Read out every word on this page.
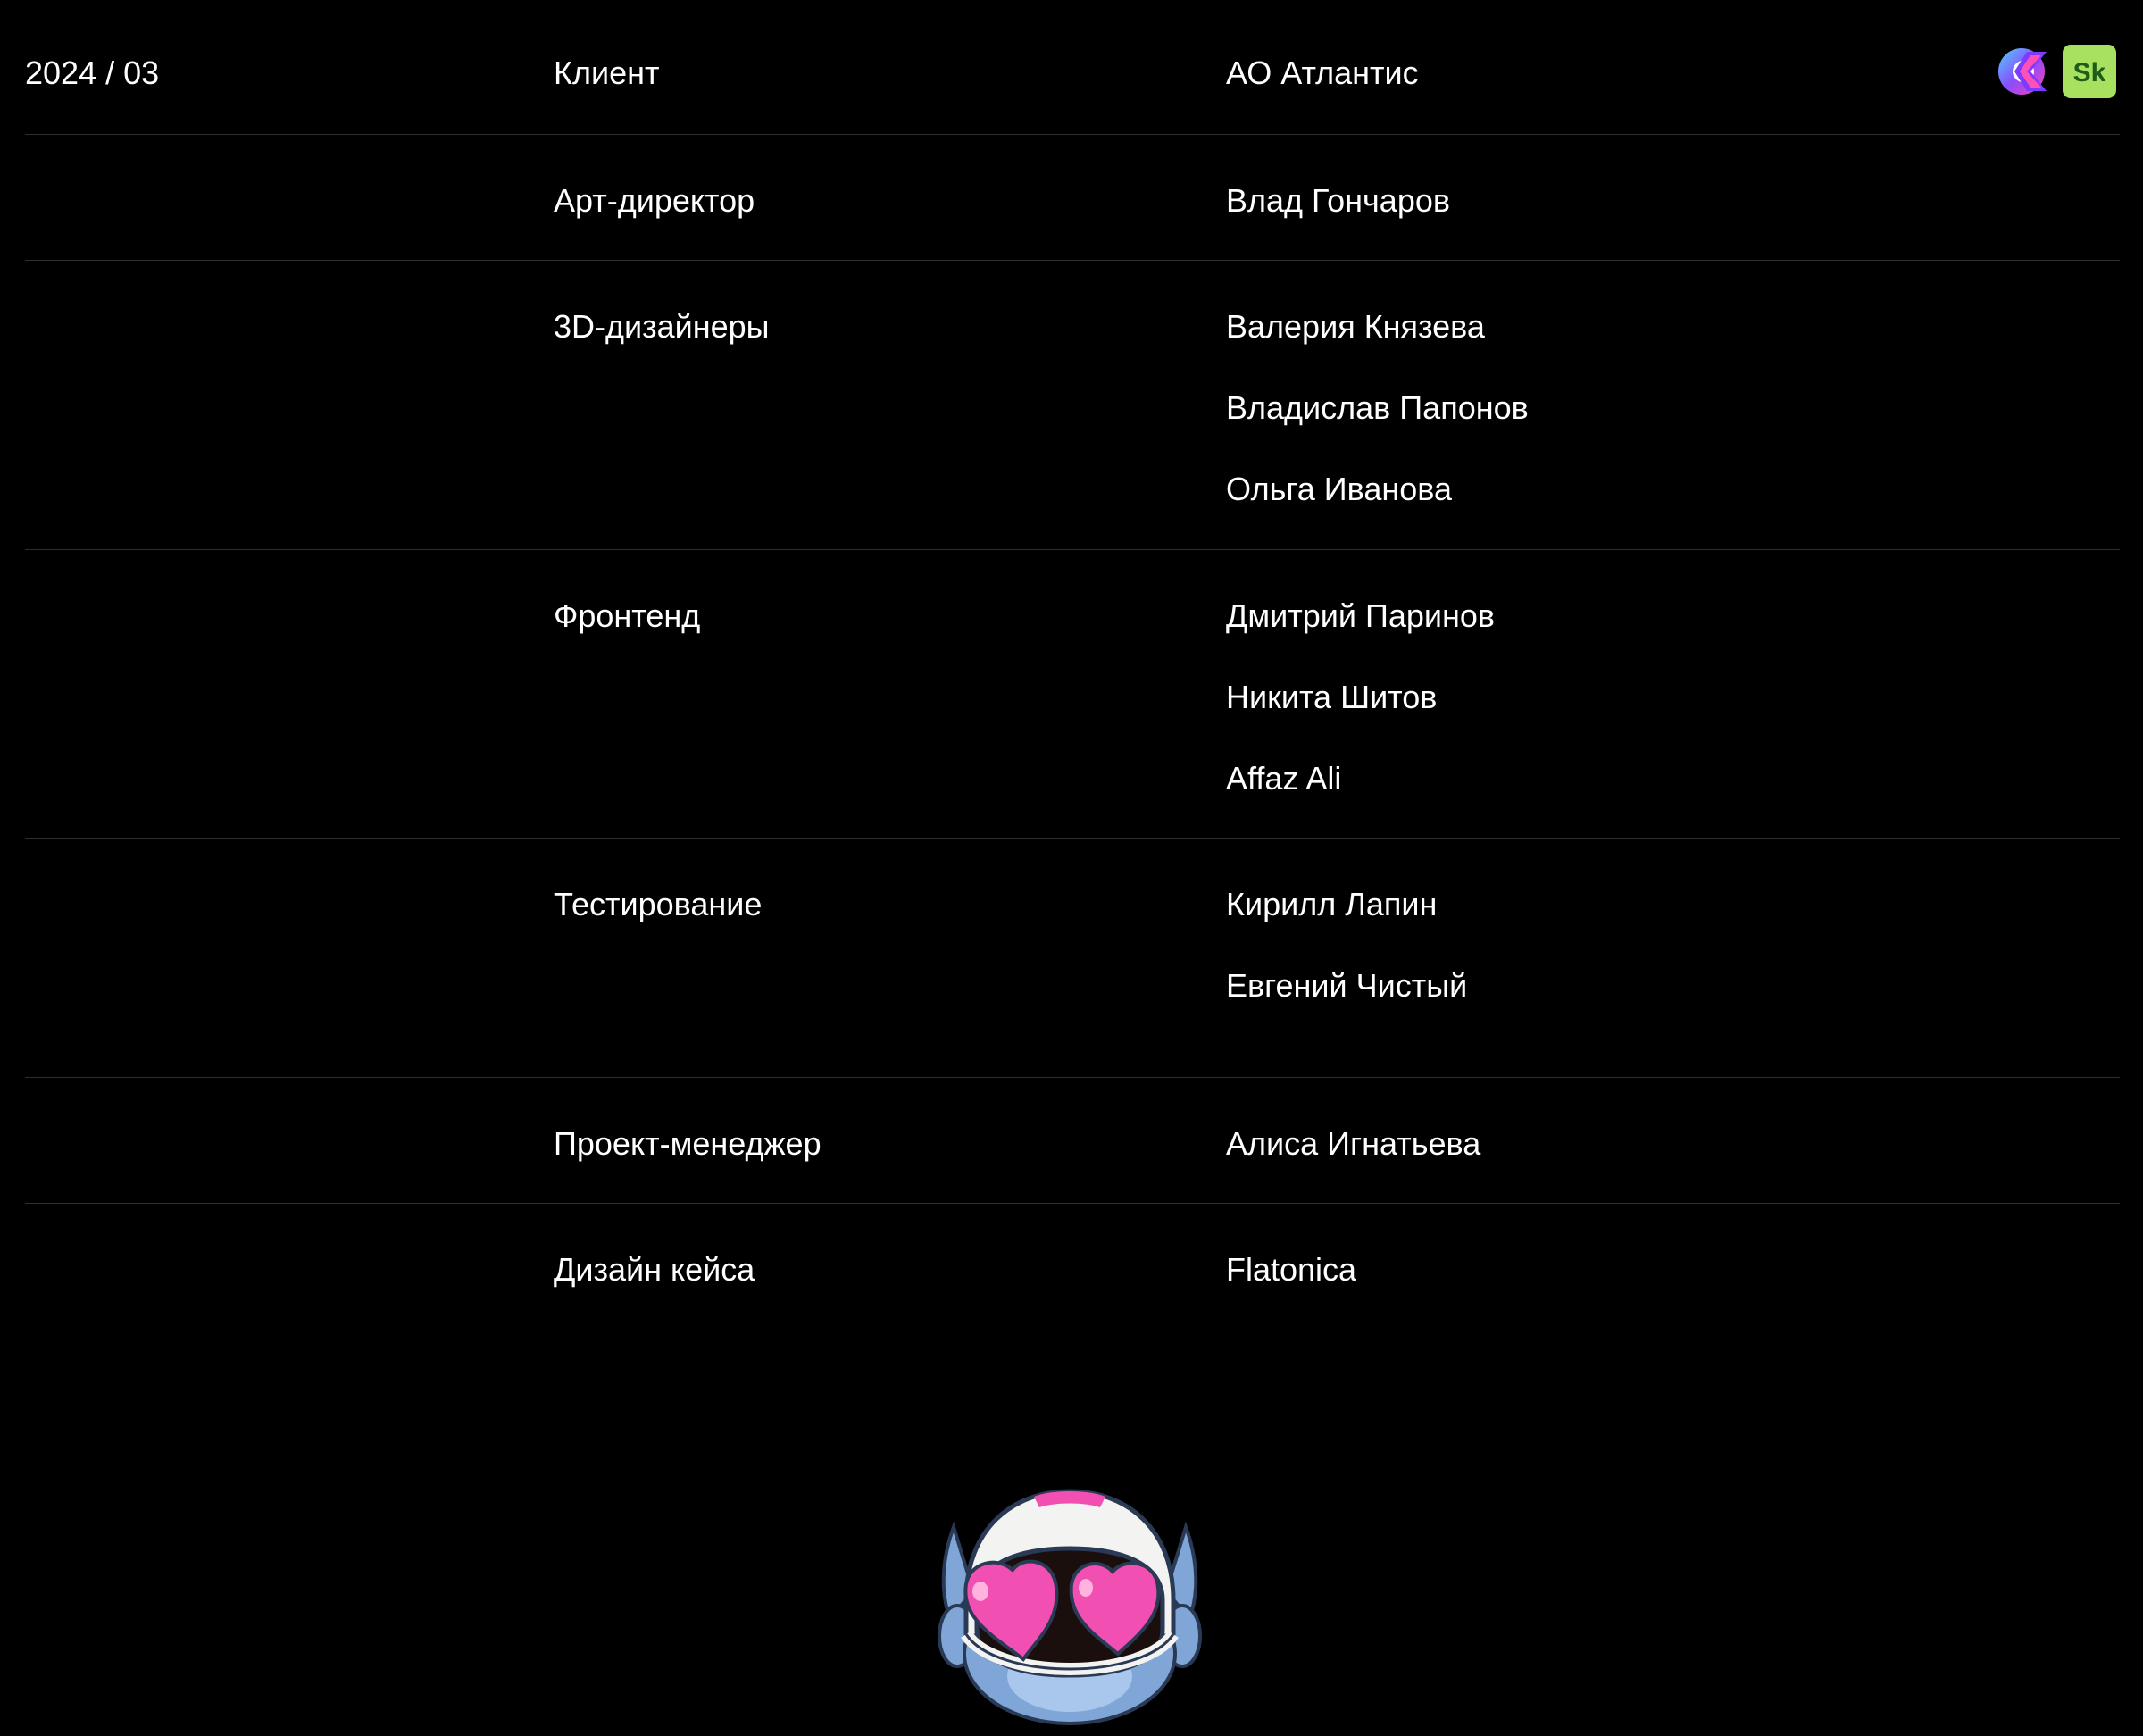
2024 / 03	Клиент	АО Атлантис	Sk
Арт-директор	Влад Гончаров
3D-дизайнеры	Валерия Князева
Владислав Папонов
Ольга Иванова
Фронтенд	Дмитрий Паринов
Никита Шитов
Affaz Ali
Тестирование	Кирилл Лапин
Евгений Чистый
Проект-менеджер	Алиса Игнатьева
Дизайн кейса	Flatonica
